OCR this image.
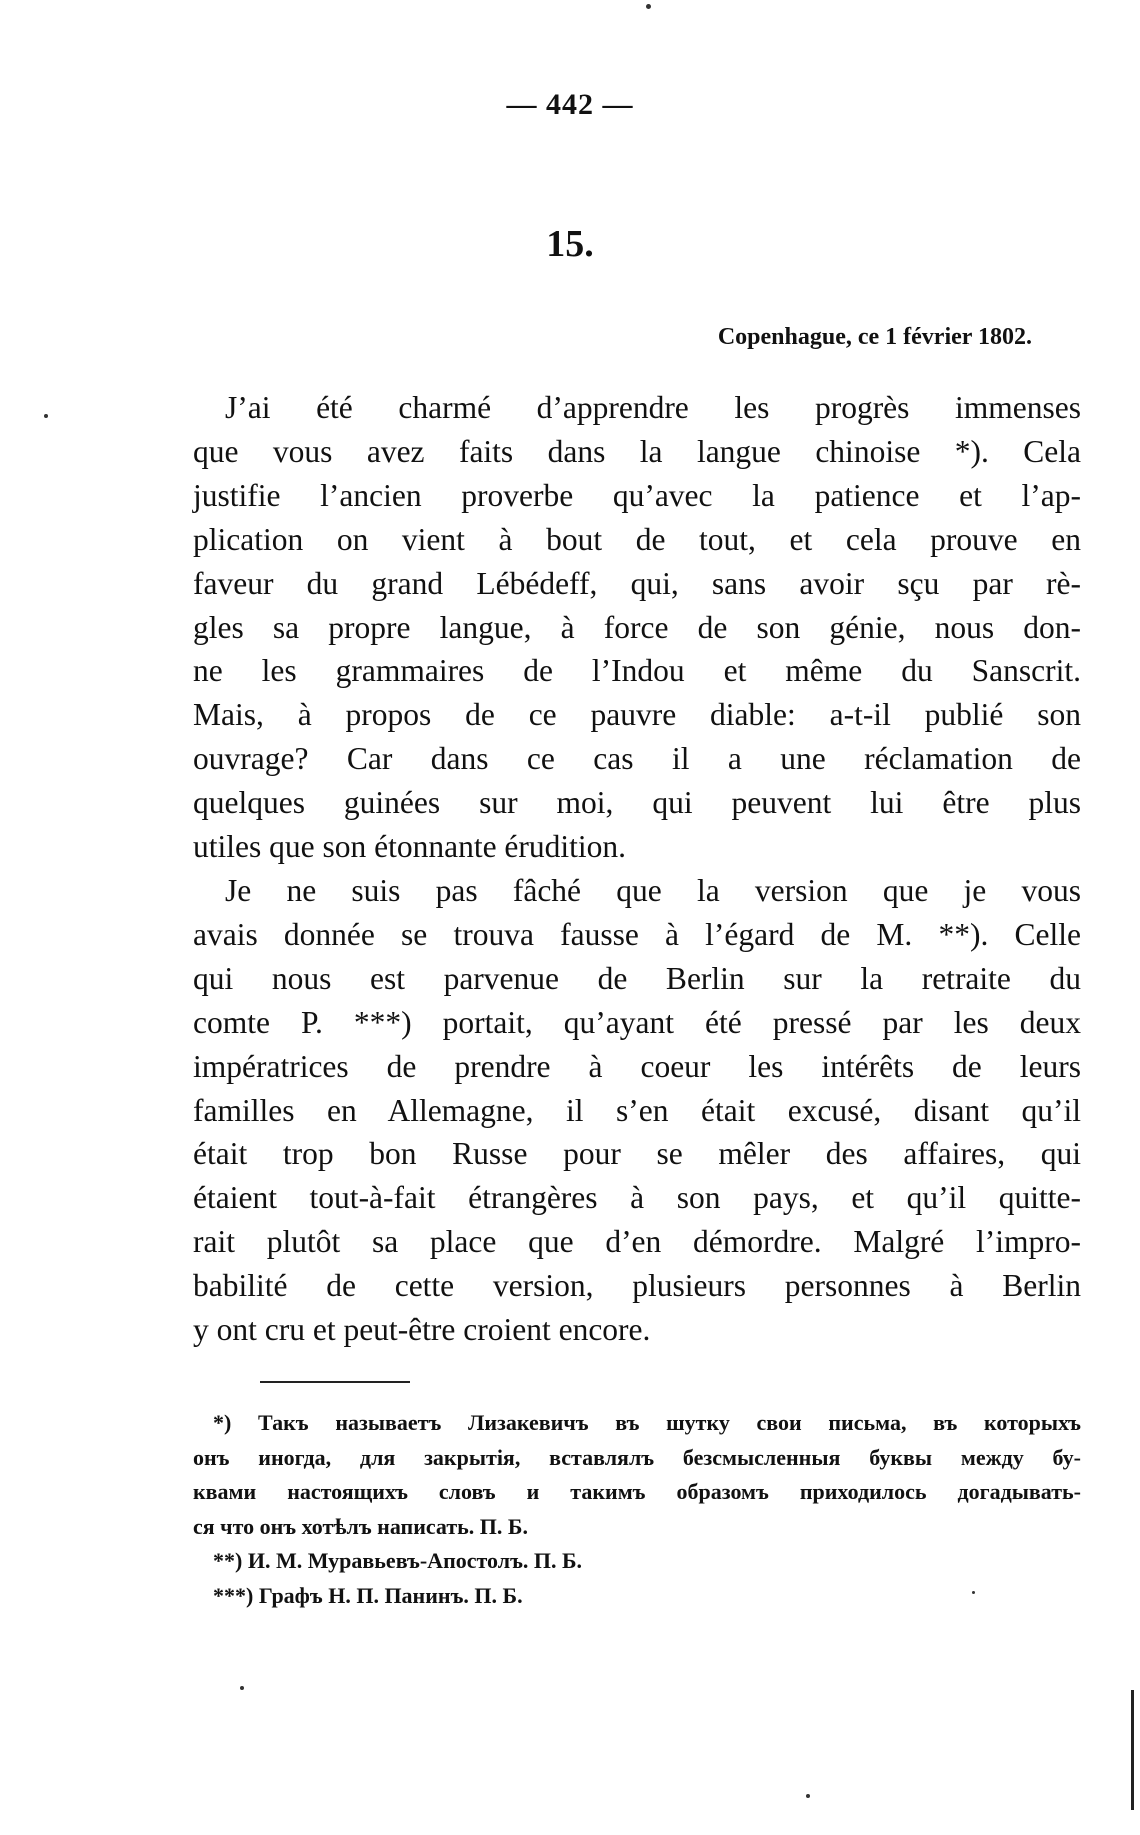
— 442 —
15.
Copenhague, ce 1 février 1802.
J’ai été charmé d’apprendre les progrès immenses
que vous avez faits dans la langue chinoise *). Cela
justifie l’ancien proverbe qu’avec la patience et l’ap-
plication on vient à bout de tout, et cela prouve en
faveur du grand Lébédeff, qui, sans avoir sçu par rè-
gles sa propre langue, à force de son génie, nous don-
ne les grammaires de l’Indou et même du Sanscrit.
Mais, à propos de ce pauvre diable: a-t-il publié son
ouvrage? Car dans ce cas il a une réclamation de
quelques guinées sur moi, qui peuvent lui être plus
utiles que son étonnante érudition.
Je ne suis pas fâché que la version que je vous
avais donnée se trouva fausse à l’égard de M. **). Celle
qui nous est parvenue de Berlin sur la retraite du
comte P. ***) portait, qu’ayant été pressé par les deux
impératrices de prendre à coeur les intérêts de leurs
familles en Allemagne, il s’en était excusé, disant qu’il
était trop bon Russe pour se mêler des affaires, qui
étaient tout-à-fait étrangères à son pays, et qu’il quitte-
rait plutôt sa place que d’en démordre. Malgré l’impro-
babilité de cette version, plusieurs personnes à Berlin
y ont cru et peut-être croient encore.
*) Такъ называетъ Лизакевичъ въ шутку свои письма, въ которыхъ
онъ иногда, для закрытія, вставлялъ безсмысленныя буквы между бу-
квами настоящихъ словъ и такимъ образомъ приходилось догадывать-
ся что онъ хотѣлъ написать. П. Б.
**) И. М. Муравьевъ-Апостолъ. П. Б.
***) Графъ Н. П. Панинъ. П. Б.
